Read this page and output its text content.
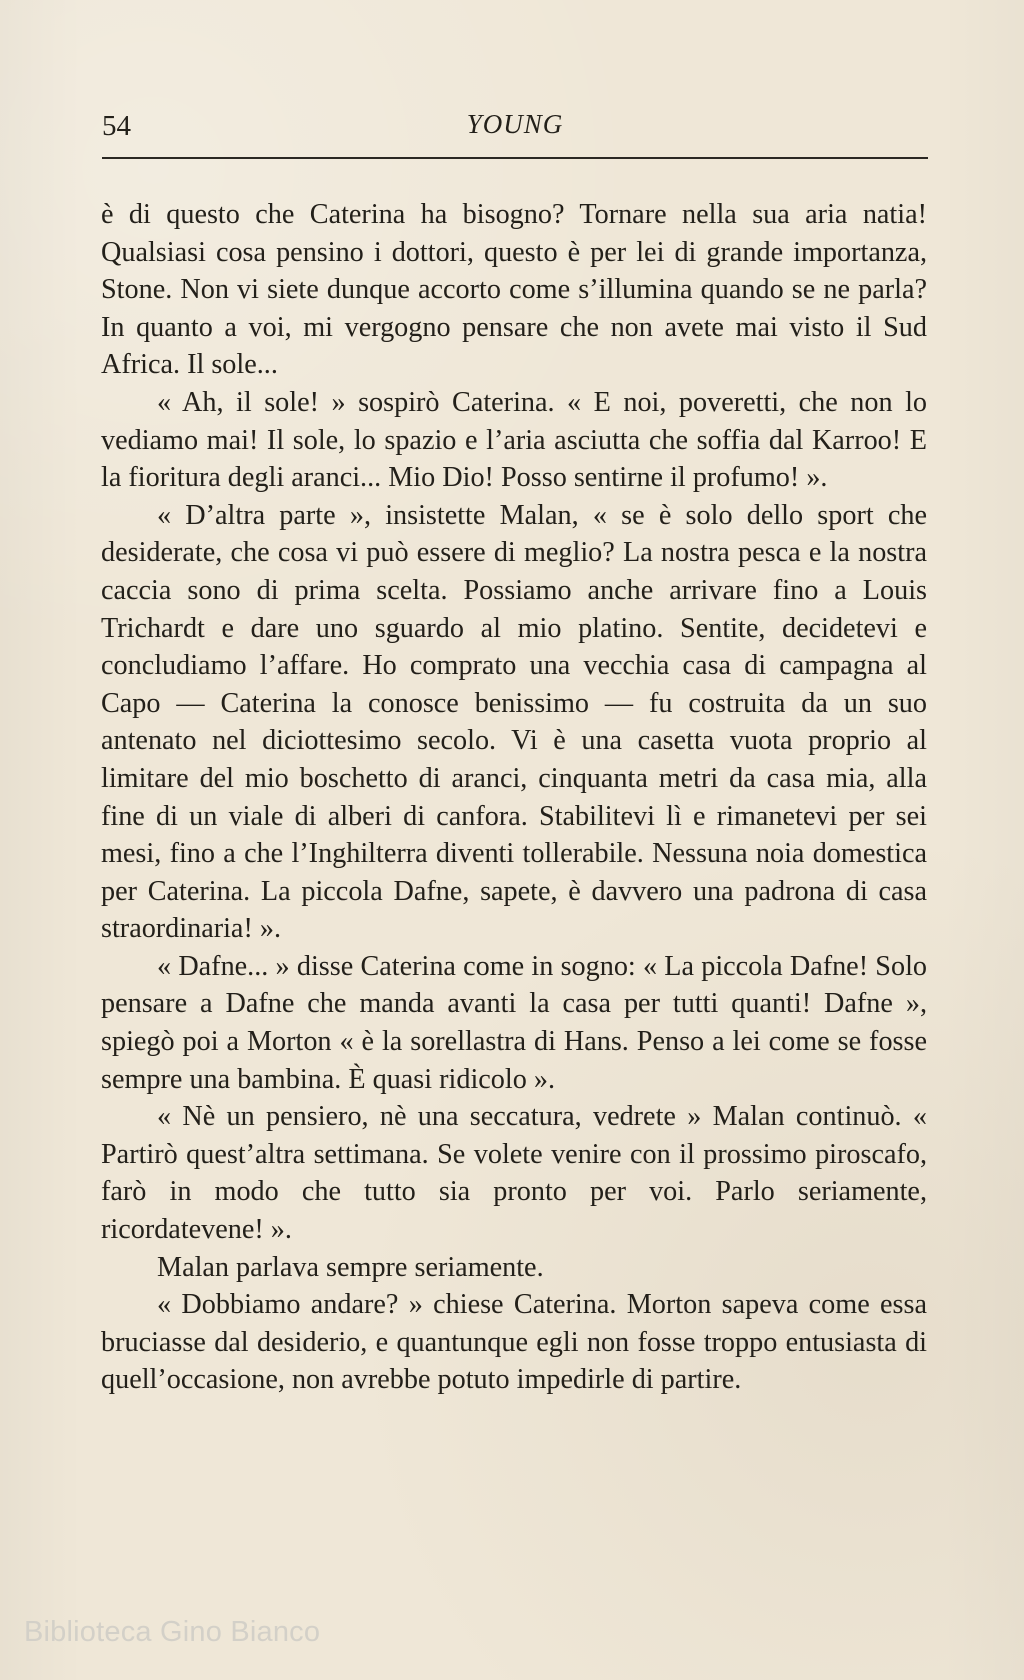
54	YOUNG

è di questo che Caterina ha bisogno? Tornare nella sua aria natia! Qualsiasi cosa pensino i dottori, questo è per lei di grande importanza, Stone. Non vi siete dunque accorto come s’illumina quando se ne parla? In quanto a voi, mi vergogno pensare che non avete mai visto il Sud Africa. Il sole...

« Ah, il sole! » sospirò Caterina. « E noi, poveretti, che non lo vediamo mai! Il sole, lo spazio e l’aria asciutta che soffia dal Karroo! E la fioritura degli aranci... Mio Dio! Posso sentirne il profumo! ».

« D’altra parte », insistette Malan, « se è solo dello sport che desiderate, che cosa vi può essere di meglio? La nostra pesca e la nostra caccia sono di prima scelta. Possiamo anche arrivare fino a Louis Trichardt e dare uno sguardo al mio platino. Sentite, decidetevi e concludiamo l’affare. Ho comprato una vecchia casa di campagna al Capo — Caterina la conosce benissimo — fu costruita da un suo antenato nel diciottesimo secolo. Vi è una casetta vuota proprio al limitare del mio boschetto di aranci, cinquanta metri da casa mia, alla fine di un viale di alberi di canfora. Stabilitevi lì e rimanetevi per sei mesi, fino a che l’Inghilterra diventi tollerabile. Nessuna noia domestica per Caterina. La piccola Dafne, sapete, è davvero una padrona di casa straordinaria! ».

« Dafne... » disse Caterina come in sogno: « La piccola Dafne! Solo pensare a Dafne che manda avanti la casa per tutti quanti! Dafne », spiegò poi a Morton « è la sorellastra di Hans. Penso a lei come se fosse sempre una bambina. È quasi ridicolo ».

« Nè un pensiero, nè una seccatura, vedrete » Malan continuò. « Partirò quest’altra settimana. Se volete venire con il prossimo piroscafo, farò in modo che tutto sia pronto per voi. Parlo seriamente, ricordatevene! ».

Malan parlava sempre seriamente.

« Dobbiamo andare? » chiese Caterina. Morton sapeva come essa bruciasse dal desiderio, e quantunque egli non fosse troppo entusiasta di quell’occasione, non avrebbe potuto impedirle di partire.

Biblioteca Gino Bianco
